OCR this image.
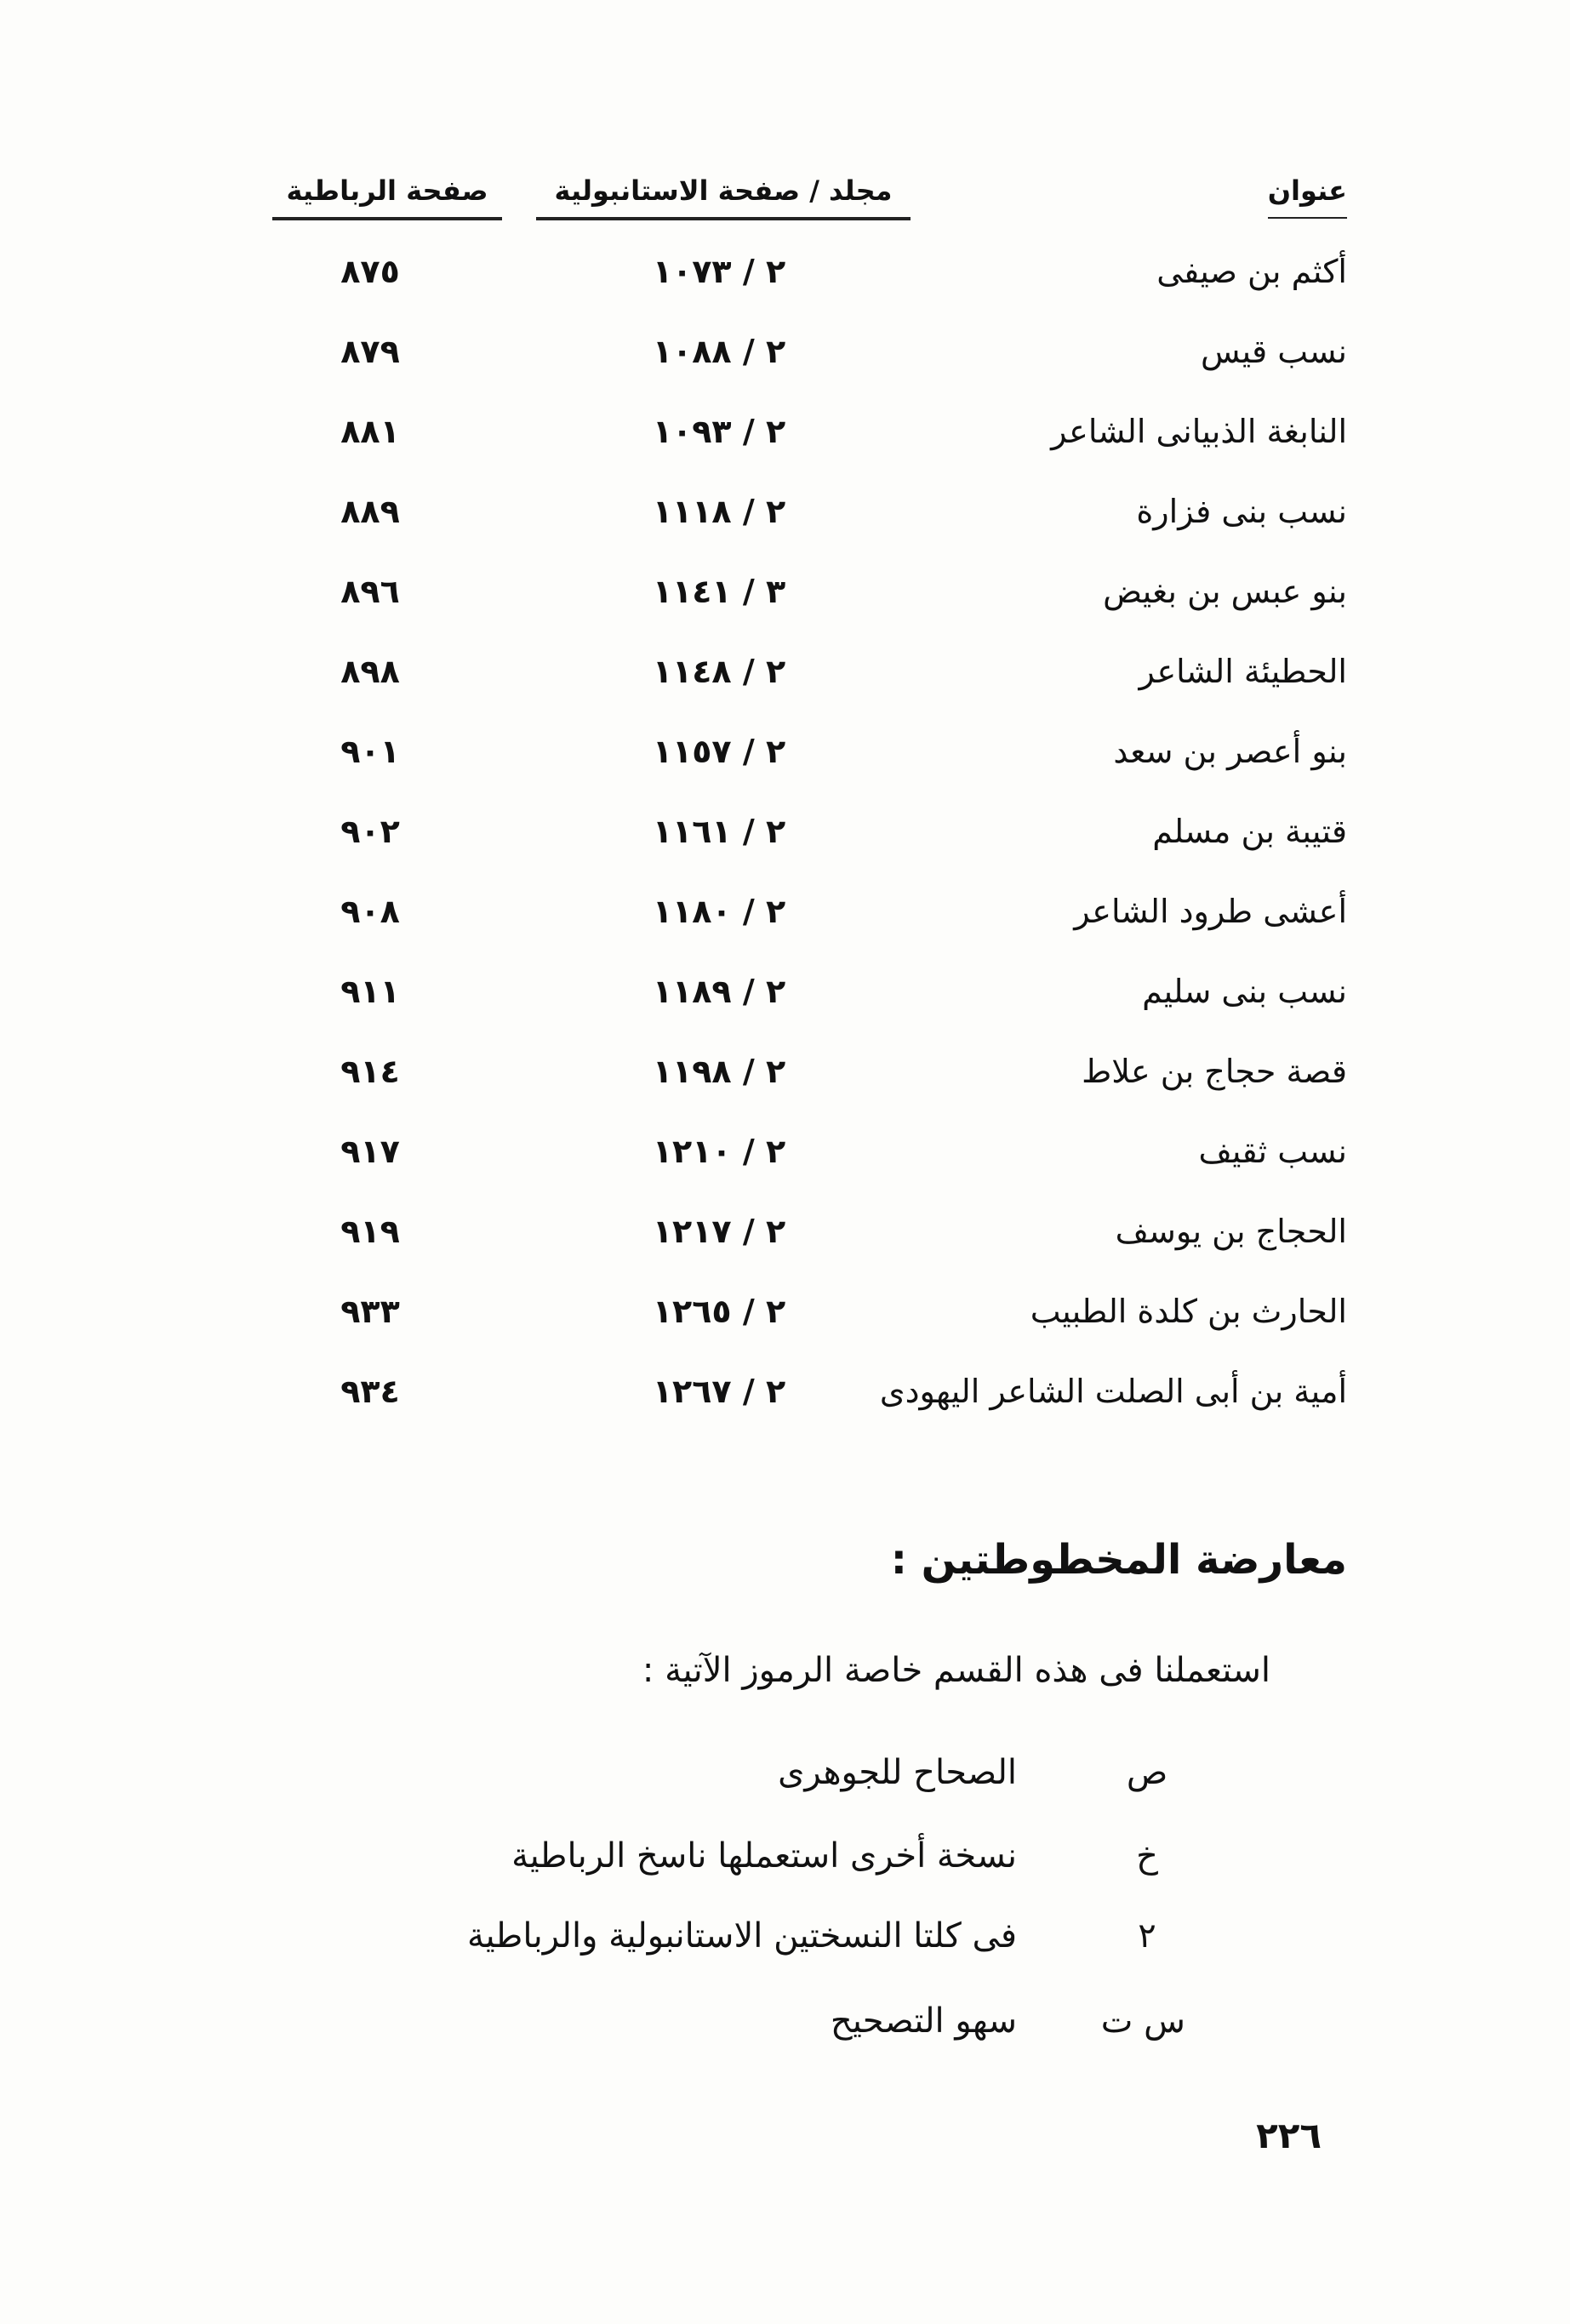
عنوان
مجلد / صفحة الاستانبولية
صفحة الرباطية
أكثم بن صيفى
٢ / ١٠٧٣
٨٧٥
نسب قيس
٢ / ١٠٨٨
٨٧٩
النابغة الذبيانى الشاعر
٢ / ١٠٩٣
٨٨١
نسب بنى فزارة
٢ / ١١١٨
٨٨٩
بنو عبس بن بغيض
٣ / ١١٤١
٨٩٦
الحطيئة الشاعر
٢ / ١١٤٨
٨٩٨
بنو أعصر بن سعد
٢ / ١١٥٧
٩٠١
قتيبة بن مسلم
٢ / ١١٦١
٩٠٢
أعشى طرود الشاعر
٢ / ١١٨٠
٩٠٨
نسب بنى سليم
٢ / ١١٨٩
٩١١
قصة حجاج بن علاط
٢ / ١١٩٨
٩١٤
نسب ثقيف
٢ / ١٢١٠
٩١٧
الحجاج بن يوسف
٢ / ١٢١٧
٩١٩
الحارث بن كلدة الطبيب
٢ / ١٢٦٥
٩٣٣
أمية بن أبى الصلت الشاعر اليهودى
٢ / ١٢٦٧
٩٣٤
معارضة المخطوطتين :
استعملنا فى هذه القسم خاصة الرموز الآتية :
ص
الصحاح للجوهرى
خ
نسخة أخرى استعملها ناسخ الرباطية
٢
فى كلتا النسختين الاستانبولية والرباطية
س ت
سهو التصحيح
٢٢٦
